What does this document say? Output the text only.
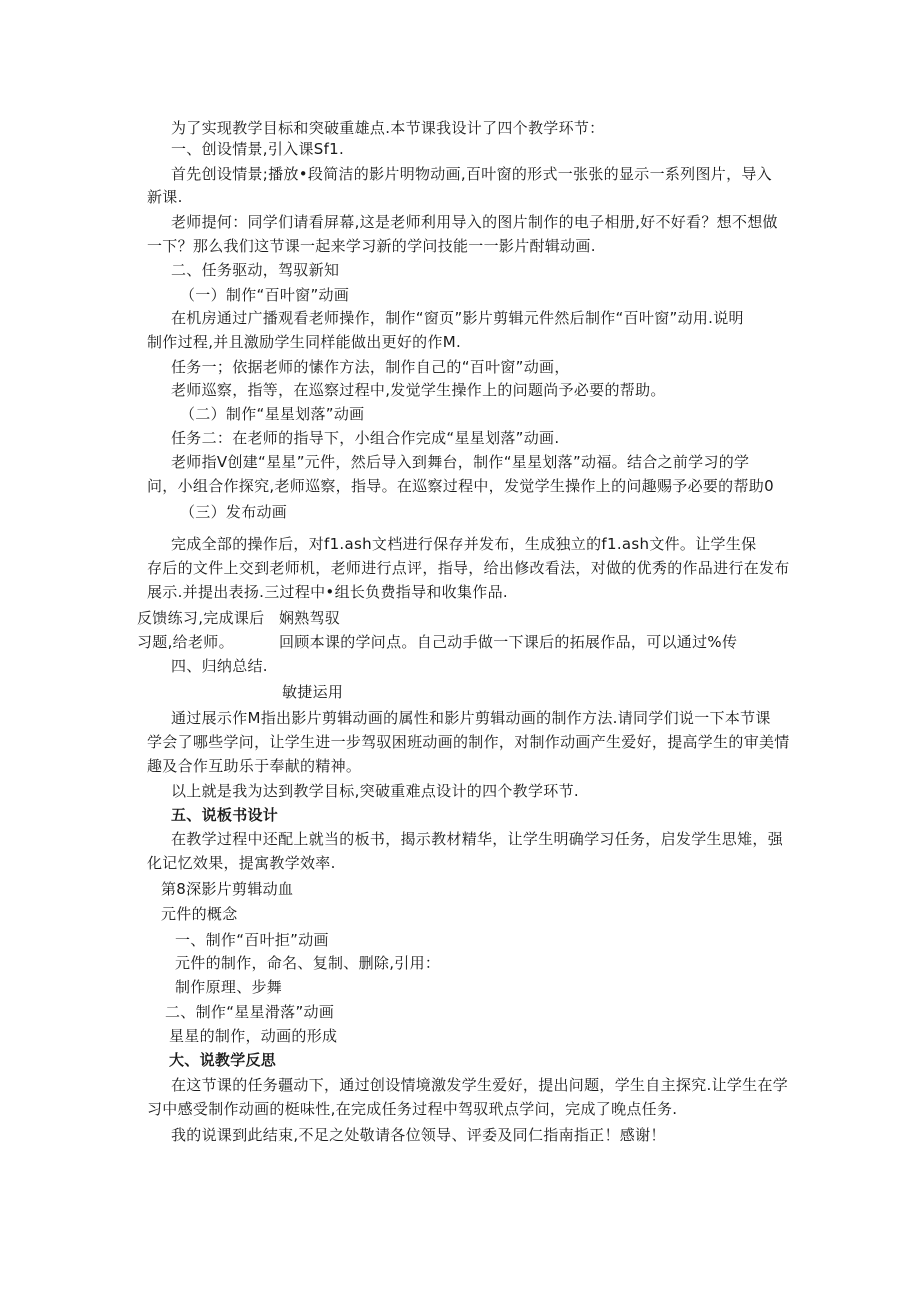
为了实现教学目标和突破重雄点.本节课我设计了四个教学环节：
一、创设情景,引入课Sf1.
首先创设情景;播放•段简洁的影片明物动画,百叶窗的形式一张张的显示一系列图片，导入
新课.
老师提何：同学们请看屏幕,这是老师利用导入的图片制作的电子相册,好不好看？想不想做
一下？那么我们这节课一起来学习新的学问技能一一影片酎辑动画.
二、任务驱动，驾驭新知
（一）制作“百叶窗”动画
在机房通过广播观看老师操作，制作“窗页”影片剪辑元件然后制作“百叶窗”动用.说明
制作过程,并且激励学生同样能做出更好的作M.
任务一；依据老师的愫作方法，制作自己的“百叶窗”动画，
老师巡察，指等，在巡察过程中,发觉学生操作上的问题尚予必要的帮助。
（二）制作“星星划落”动画
任务二：在老师的指导下，小组合作完成“星星划落”动画.
老师指V创建“星星”元件，然后导入到舞台，制作“星星划落”动福。结合之前学习的学
问，小组合作探究,老师巡察，指导。在巡察过程中，发觉学生操作上的问趣赐予必要的帮助0
（三）发布动画
完成全部的操作后，对f1.ash文档进行保存并发布，生成独立的f1.ash文件。让学生保
存后的文件上交到老师机，老师进行点评，指导，给出修改看法，对做的优秀的作品进行在发布
展示.并提出表扬.三过程中•组长负费指导和收集作品.
反馈练习,完成课后 娴熟驾驭
习题,给老师。	回顾本课的学问点。自己动手做一下课后的拓展作品，可以通过%传
四、归纳总结.
敏捷运用
通过展示作M指出影片剪辑动画的属性和影片剪辑动画的制作方法.请同学们说一下本节课
学会了哪些学问，让学生进一步驾驭困班动画的制作，对制作动画产生爱好，提高学生的审美情
趣及合作互助乐于奉献的精神。
以上就是我为达到教学目标,突破重难点设计的四个教学环节.
五、说板书设计
在教学过程中还配上就当的板书，揭示教材精华，让学生明确学习任务，启发学生思雉，强
化记忆效果，提寓教学效率.
第8深影片剪辑动血
元件的概念
一、制作“百叶拒”动画
元件的制作，命名、复制、删除,引用：
制作原理、步舞
二、制作“星星滑落”动画
星星的制作，动画的形成
大、说教学反思
在这节课的任务疆动下，通过创设情境激发学生爱好，提出问题，学生自主探究.让学生在学
习中感受制作动画的梃味性,在完成任务过程中驾驭玳点学问，完成了晚点任务.
我的说课到此结束,不足之处敬请各位领导、评委及同仁指南指正！感谢！
